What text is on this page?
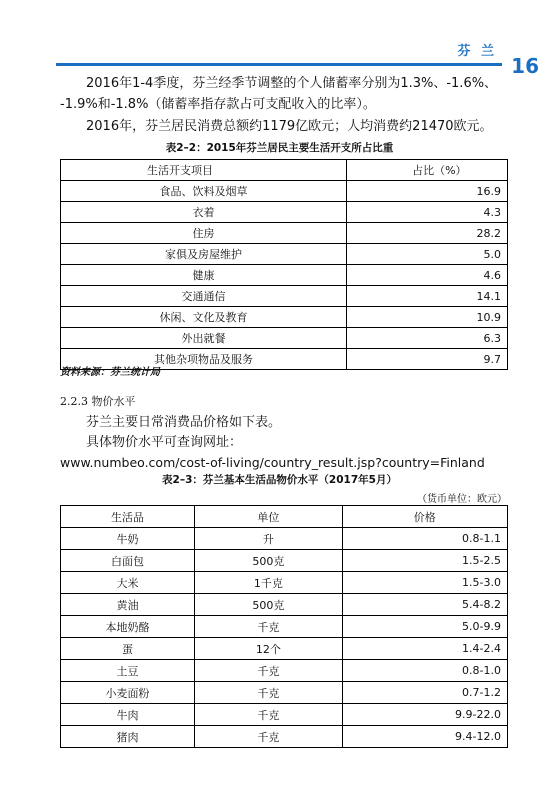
芬 兰
16
2016年1-4季度，芬兰经季节调整的个人储蓄率分别为1.3%、-1.6%、
-1.9%和-1.8%（储蓄率指存款占可支配收入的比率）。
2016年，芬兰居民消费总额约1179亿欧元；人均消费约21470欧元。
表2–2：2015年芬兰居民主要生活开支所占比重
生活开支项目	占比（%）
食品、饮料及烟草	16.9
衣着	4.3
住房	28.2
家俱及房屋维护	5.0
健康	4.6
交通通信	14.1
休闲、文化及教育	10.9
外出就餐	6.3
其他杂项物品及服务	9.7
资料来源：芬兰统计局
2.2.3 物价水平
芬兰主要日常消费品价格如下表。
具体物价水平可查询网址：
www.numbeo.com/cost-of-living/country_result.jsp?country=Finland
表2–3：芬兰基本生活品物价水平（2017年5月）
（货币单位：欧元）
生活品	单位	价格
牛奶	升	0.8-1.1
白面包	500克	1.5-2.5
大米	1千克	1.5-3.0
黄油	500克	5.4-8.2
本地奶酪	千克	5.0-9.9
蛋	12个	1.4-2.4
土豆	千克	0.8-1.0
小麦面粉	千克	0.7-1.2
牛肉	千克	9.9-22.0
猪肉	千克	9.4-12.0
